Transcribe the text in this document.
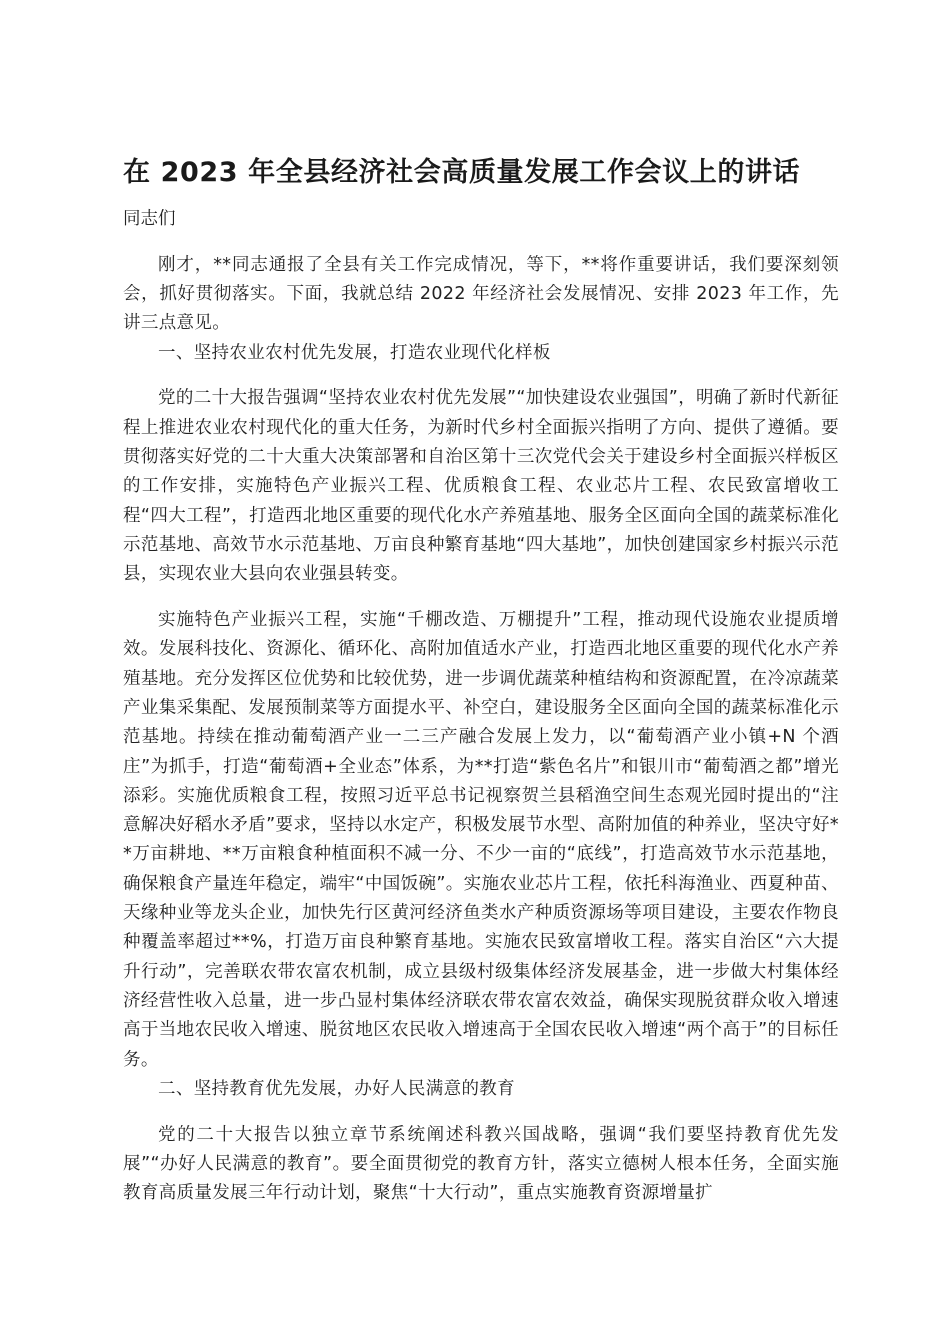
在 2023 年全县经济社会高质量发展工作会议上的讲话

同志们

刚才，**同志通报了全县有关工作完成情况，等下，**将作重要讲话，我们要深刻领会，抓好贯彻落实。下面，我就总结 2022 年经济社会发展情况、安排 2023 年工作，先讲三点意见。

一、坚持农业农村优先发展，打造农业现代化样板

党的二十大报告强调“坚持农业农村优先发展”“加快建设农业强国”，明确了新时代新征程上推进农业农村现代化的重大任务，为新时代乡村全面振兴指明了方向、提供了遵循。要贯彻落实好党的二十大重大决策部署和自治区第十三次党代会关于建设乡村全面振兴样板区的工作安排，实施特色产业振兴工程、优质粮食工程、农业芯片工程、农民致富增收工程“四大工程”，打造西北地区重要的现代化水产养殖基地、服务全区面向全国的蔬菜标准化示范基地、高效节水示范基地、万亩良种繁育基地“四大基地”，加快创建国家乡村振兴示范县，实现农业大县向农业强县转变。

实施特色产业振兴工程，实施“千棚改造、万棚提升”工程，推动现代设施农业提质增效。发展科技化、资源化、循环化、高附加值适水产业，打造西北地区重要的现代化水产养殖基地。充分发挥区位优势和比较优势，进一步调优蔬菜种植结构和资源配置，在冷凉蔬菜产业集采集配、发展预制菜等方面提水平、补空白，建设服务全区面向全国的蔬菜标准化示范基地。持续在推动葡萄酒产业一二三产融合发展上发力，以“葡萄酒产业小镇+N 个酒庄”为抓手，打造“葡萄酒+全业态”体系，为**打造“紫色名片”和银川市“葡萄酒之都”增光添彩。实施优质粮食工程，按照习近平总书记视察贺兰县稻渔空间生态观光园时提出的“注意解决好稻水矛盾”要求，坚持以水定产，积极发展节水型、高附加值的种养业，坚决守好**万亩耕地、**万亩粮食种植面积不减一分、不少一亩的“底线”，打造高效节水示范基地，确保粮食产量连年稳定，端牢“中国饭碗”。实施农业芯片工程，依托科海渔业、西夏种苗、天缘种业等龙头企业，加快先行区黄河经济鱼类水产种质资源场等项目建设，主要农作物良种覆盖率超过**%，打造万亩良种繁育基地。实施农民致富增收工程。落实自治区“六大提升行动”，完善联农带农富农机制，成立县级村级集体经济发展基金，进一步做大村集体经济经营性收入总量，进一步凸显村集体经济联农带农富农效益，确保实现脱贫群众收入增速高于当地农民收入增速、脱贫地区农民收入增速高于全国农民收入增速“两个高于”的目标任务。

二、坚持教育优先发展，办好人民满意的教育

党的二十大报告以独立章节系统阐述科教兴国战略，强调“我们要坚持教育优先发展”“办好人民满意的教育”。要全面贯彻党的教育方针，落实立德树人根本任务，全面实施教育高质量发展三年行动计划，聚焦“十大行动”，重点实施教育资源增量扩
